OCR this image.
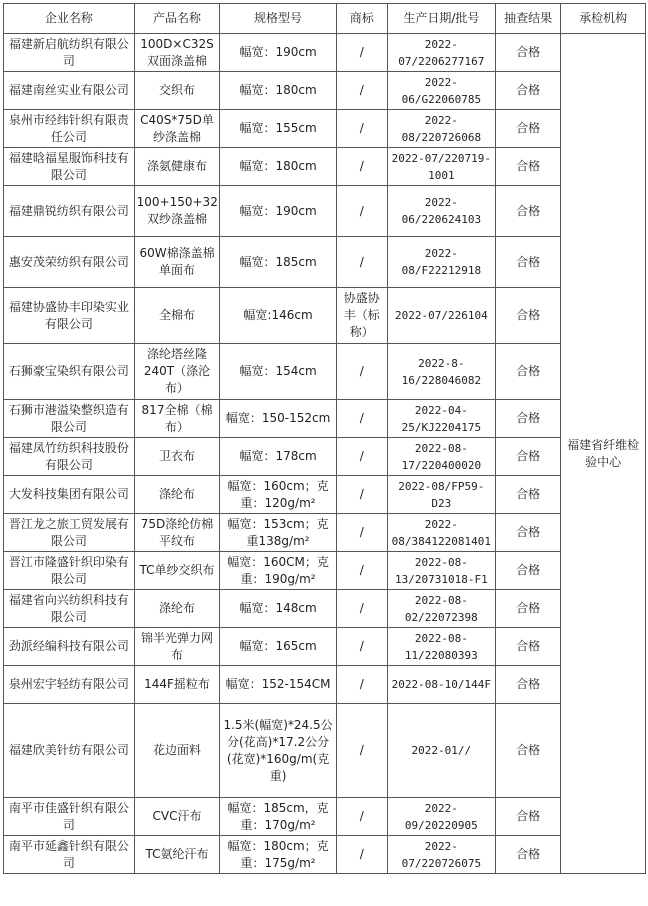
企业名称	产品名称	规格型号	商标	生产日期/批号	抽查结果	承检机构
福建新启航纺织有限公司	100D×C32S双面涤盖棉	幅宽：190cm	/	2022-07/2206277167	合格	福建省纤维检验中心
福建南丝实业有限公司	交织布	幅宽：180cm	/	2022-06/G22060785	合格	
泉州市经纬针织有限责任公司	C40S*75D单纱涤盖棉	幅宽：155cm	/	2022-08/220726068	合格	
福建晗福星服饰科技有限公司	涤氨健康布	幅宽：180cm	/	2022-07/220719-1001	合格	
福建鼎锐纺织有限公司	100+150+32双纱涤盖棉	幅宽：190cm	/	2022-06/220624103	合格	
惠安茂荣纺织有限公司	60W棉涤盖棉单面布	幅宽：185cm	/	2022-08/F22212918	合格	
福建协盛协丰印染实业有限公司	全棉布	幅宽:146cm	协盛协丰（标称）	2022-07/226104	合格	
石狮豪宝染织有限公司	涤纶塔丝隆240T（涤沦布）	幅宽：154cm	/	2022-8-16/228046082	合格	
石狮市港溢染整织造有限公司	817全棉（棉布）	幅宽：150-152cm	/	2022-04-25/KJ2204175	合格	
福建凤竹纺织科技股份有限公司	卫衣布	幅宽：178cm	/	2022-08-17/220400020	合格	
大发科技集团有限公司	涤纶布	幅宽：160cm；克重：120g/m²	/	2022-08/FP59-D23	合格	
晋江龙之旅工贸发展有限公司	75D涤纶仿棉平纹布	幅宽：153cm；克重138g/m²	/	2022-08/384122081401	合格	
晋江市隆盛针织印染有限公司	TC单纱交织布	幅宽：160CM；克重：190g/m²	/	2022-08-13/20731018-F1	合格	
福建省向兴纺织科技有限公司	涤纶布	幅宽：148cm	/	2022-08-02/22072398	合格	
劲派经编科技有限公司	锦半光弹力网布	幅宽：165cm	/	2022-08-11/22080393	合格	
泉州宏宇轻纺有限公司	144F摇粒布	幅宽：152-154CM	/	2022-08-10/144F	合格	
福建欣美针纺有限公司	花边面料	1.5米(幅宽)*24.5公分(花高)*17.2公分(花宽)*160g/m(克重)	/	2022-01//	合格	
南平市佳盛针织有限公司	CVC汗布	幅宽：185cm，克重：170g/m²	/	2022-09/20220905	合格	
南平市延鑫针织有限公司	TC氨纶汗布	幅宽：180cm；克重：175g/m²	/	2022-07/220726075	合格	
